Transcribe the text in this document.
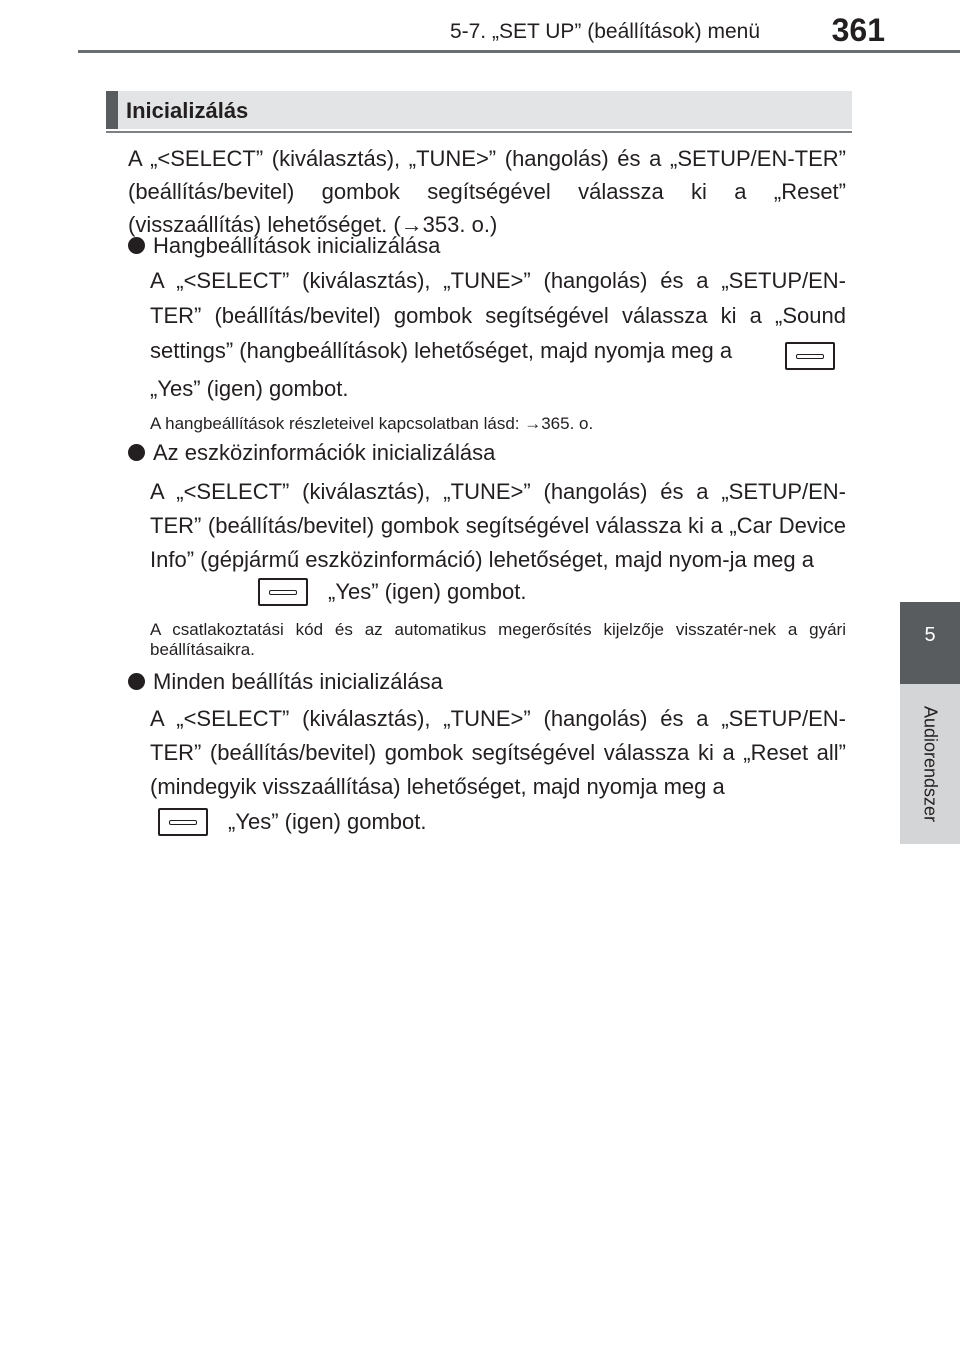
5-7. „SET UP” (beállítások) menü 361
5
Audiorendszer
Inicializálás
A „<SELECT” (kiválasztás), „TUNE>” (hangolás) és a „SETUP/EN-TER” (beállítás/bevitel) gombok segítségével válassza ki a „Reset” (visszaállítás) lehetőséget. (→353. o.)
Hangbeállítások inicializálása
A „<SELECT” (kiválasztás), „TUNE>” (hangolás) és a „SETUP/EN-TER” (beállítás/bevitel) gombok segítségével válassza ki a „Sound settings” (hangbeállítások) lehetőséget, majd nyomja meg a
„Yes” (igen) gombot.
A hangbeállítások részleteivel kapcsolatban lásd: →365. o.
Az eszközinformációk inicializálása
A „<SELECT” (kiválasztás), „TUNE>” (hangolás) és a „SETUP/EN-TER” (beállítás/bevitel) gombok segítségével válassza ki a „Car Device Info” (gépjármű eszközinformáció) lehetőséget, majd nyom-ja meg a
„Yes” (igen) gombot.
A csatlakoztatási kód és az automatikus megerősítés kijelzője visszatér-nek a gyári beállításaikra.
Minden beállítás inicializálása
A „<SELECT” (kiválasztás), „TUNE>” (hangolás) és a „SETUP/EN-TER” (beállítás/bevitel) gombok segítségével válassza ki a „Reset all” (mindegyik visszaállítása) lehetőséget, majd nyomja meg a
„Yes” (igen) gombot.
